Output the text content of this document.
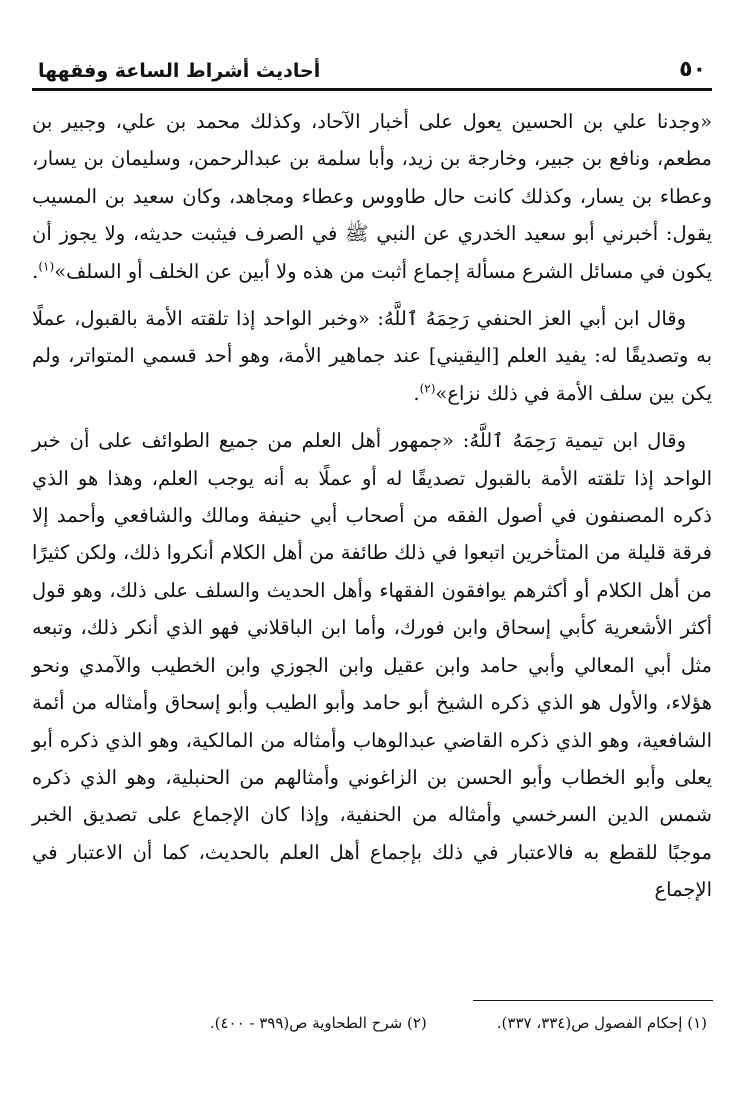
٥٠
أحاديث أشراط الساعة وفقهها

«وجدنا علي بن الحسين يعول على أخبار الآحاد، وكذلك محمد بن علي، وجبير بن مطعم، ونافع بن جبير، وخارجة بن زيد، وأبا سلمة بن عبدالرحمن، وسليمان بن يسار، وعطاء بن يسار، وكذلك كانت حال طاووس وعطاء ومجاهد، وكان سعيد بن المسيب يقول: أخبرني أبو سعيد الخدري عن النبي ﷺ في الصرف فيثبت حديثه، ولا يجوز أن يكون في مسائل الشرع مسألة إجماع أثبت من هذه ولا أبين عن الخلف أو السلف»$^{(١)}$.

وقال ابن أبي العز الحنفي رَحِمَهُ ٱللَّهُ: «وخبر الواحد إذا تلقته الأمة بالقبول، عملًا به وتصديقًا له: يفيد العلم [اليقيني] عند جماهير الأمة، وهو أحد قسمي المتواتر، ولم يكن بين سلف الأمة في ذلك نزاع»$^{(٢)}$.

وقال ابن تيمية رَحِمَهُ ٱللَّهُ: «جمهور أهل العلم من جميع الطوائف على أن خبر الواحد إذا تلقته الأمة بالقبول تصديقًا له أو عملًا به أنه يوجب العلم، وهذا هو الذي ذكره المصنفون في أصول الفقه من أصحاب أبي حنيفة ومالك والشافعي وأحمد إلا فرقة قليلة من المتأخرين اتبعوا في ذلك طائفة من أهل الكلام أنكروا ذلك، ولكن كثيرًا من أهل الكلام أو أكثرهم يوافقون الفقهاء وأهل الحديث والسلف على ذلك، وهو قول أكثر الأشعرية كأبي إسحاق وابن فورك، وأما ابن الباقلاني فهو الذي أنكر ذلك، وتبعه مثل أبي المعالي وأبي حامد وابن عقيل وابن الجوزي وابن الخطيب والآمدي ونحو هؤلاء، والأول هو الذي ذكره الشيخ أبو حامد وأبو الطيب وأبو إسحاق وأمثاله من أئمة الشافعية، وهو الذي ذكره القاضي عبدالوهاب وأمثاله من المالكية، وهو الذي ذكره أبو يعلى وأبو الخطاب وأبو الحسن بن الزاغوني وأمثالهم من الحنبلية، وهو الذي ذكره شمس الدين السرخسي وأمثاله من الحنفية، وإذا كان الإجماع على تصديق الخبر موجبًا للقطع به فالاعتبار في ذلك بإجماع أهل العلم بالحديث، كما أن الاعتبار في الإجماع

(١) إحكام الفصول ص(٣٣٤، ٣٣٧).
(٢) شرح الطحاوية ص(٣٩٩ - ٤٠٠).
